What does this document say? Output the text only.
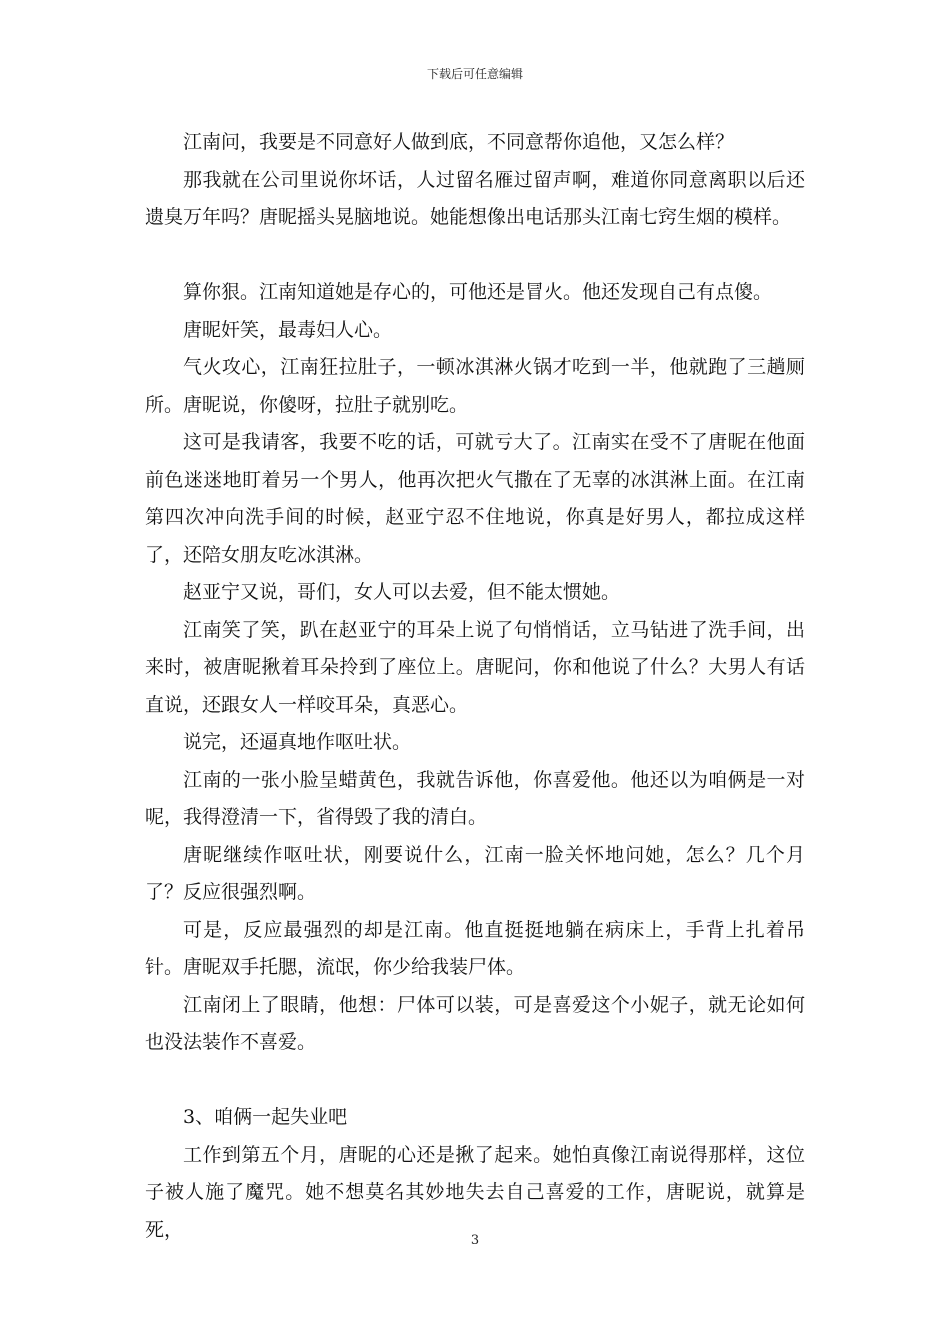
下载后可任意编辑

江南问，我要是不同意好人做到底，不同意帮你追他，又怎么样？

那我就在公司里说你坏话，人过留名雁过留声啊，难道你同意离职以后还遗臭万年吗？唐昵摇头晃脑地说。她能想像出电话那头江南七窍生烟的模样。

算你狠。江南知道她是存心的，可他还是冒火。他还发现自己有点傻。

唐昵奸笑，最毒妇人心。

气火攻心，江南狂拉肚子，一顿冰淇淋火锅才吃到一半，他就跑了三趟厕所。唐昵说，你傻呀，拉肚子就别吃。

这可是我请客，我要不吃的话，可就亏大了。江南实在受不了唐昵在他面前色迷迷地盯着另一个男人，他再次把火气撒在了无辜的冰淇淋上面。在江南第四次冲向洗手间的时候，赵亚宁忍不住地说，你真是好男人，都拉成这样了，还陪女朋友吃冰淇淋。

赵亚宁又说，哥们，女人可以去爱，但不能太惯她。

江南笑了笑，趴在赵亚宁的耳朵上说了句悄悄话，立马钻进了洗手间，出来时，被唐昵揪着耳朵拎到了座位上。唐昵问，你和他说了什么？大男人有话直说，还跟女人一样咬耳朵，真恶心。

说完，还逼真地作呕吐状。

江南的一张小脸呈蜡黄色，我就告诉他，你喜爱他。他还以为咱俩是一对呢，我得澄清一下，省得毁了我的清白。

唐昵继续作呕吐状，刚要说什么，江南一脸关怀地问她，怎么？几个月了？反应很强烈啊。

可是，反应最强烈的却是江南。他直挺挺地躺在病床上，手背上扎着吊针。唐昵双手托腮，流氓，你少给我装尸体。

江南闭上了眼睛，他想：尸体可以装，可是喜爱这个小妮子，就无论如何也没法装作不喜爱。

3、咱俩一起失业吧

工作到第五个月，唐昵的心还是揪了起来。她怕真像江南说得那样，这位子被人施了魔咒。她不想莫名其妙地失去自己喜爱的工作，唐昵说，就算是死，	3
